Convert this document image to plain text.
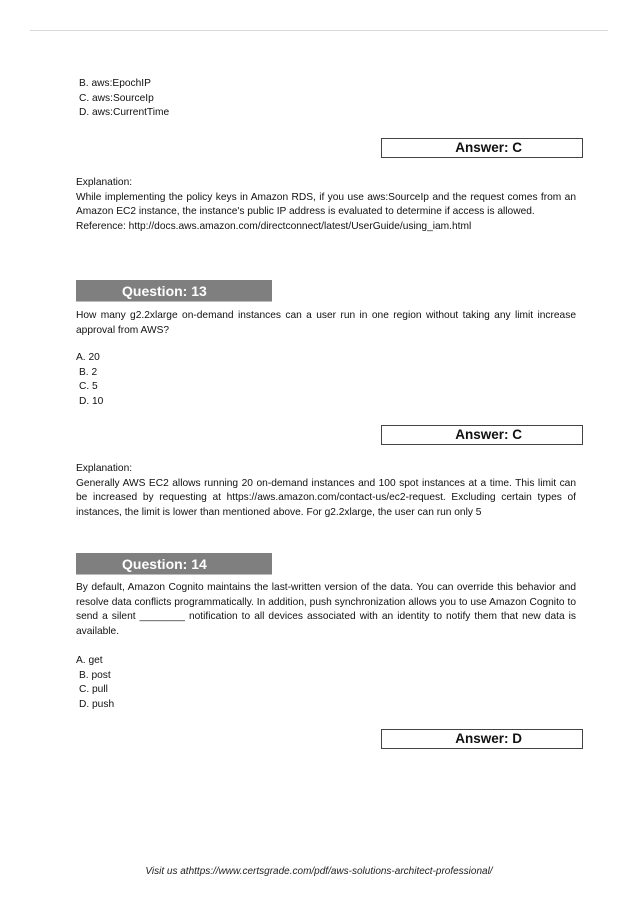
B. aws:EpochIP
C. aws:SourceIp
D. aws:CurrentTime
Answer: C
Explanation:
While implementing the policy keys in Amazon RDS, if you use aws:SourceIp and the request comes from an Amazon EC2 instance, the instance's public IP address is evaluated to determine if access is allowed.
Reference: http://docs.aws.amazon.com/directconnect/latest/UserGuide/using_iam.html
Question: 13
How many g2.2xlarge on-demand instances can a user run in one region without taking any limit increase approval from AWS?
A. 20
B. 2
C. 5
D. 10
Answer: C
Explanation:
Generally AWS EC2 allows running 20 on-demand instances and 100 spot instances at a time. This limit can be increased by requesting at https://aws.amazon.com/contact-us/ec2-request. Excluding certain types of instances, the limit is lower than mentioned above. For g2.2xlarge, the user can run only 5
Question: 14
By default, Amazon Cognito maintains the last-written version of the data. You can override this behavior and resolve data conflicts programmatically. In addition, push synchronization allows you to use Amazon Cognito to send a silent ________ notification to all devices associated with an identity to notify them that new data is available.
A. get
B. post
C. pull
D. push
Answer: D
Visit us athttps://www.certsgrade.com/pdf/aws-solutions-architect-professional/
